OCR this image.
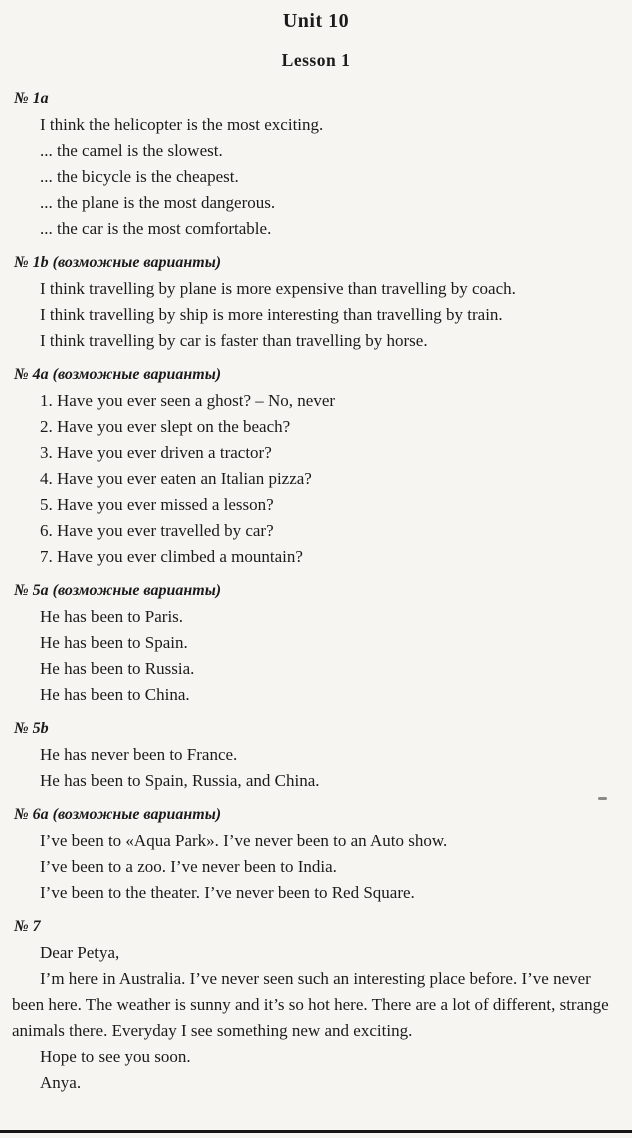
Unit 10
Lesson 1
№ 1a
I think the helicopter is the most exciting.
... the camel is the slowest.
... the bicycle is the cheapest.
... the plane is the most dangerous.
... the car is the most comfortable.
№ 1b (возможные варианты)
I think travelling by plane is more expensive than travelling by coach.
I think travelling by ship is more interesting than travelling by train.
I think travelling by car is faster than travelling by horse.
№ 4a (возможные варианты)
1. Have you ever seen a ghost? – No, never
2. Have you ever slept on the beach?
3. Have you ever driven a tractor?
4. Have you ever eaten an Italian pizza?
5. Have you ever missed a lesson?
6. Have you ever travelled by car?
7. Have you ever climbed a mountain?
№ 5a (возможные варианты)
He has been to Paris.
He has been to Spain.
He has been to Russia.
He has been to China.
№ 5b
He has never been to France.
He has been to Spain, Russia, and China.
№ 6a (возможные варианты)
I’ve been to «Aqua Park». I’ve never been to an Auto show.
I’ve been to a zoo. I’ve never been to India.
I’ve been to the theater. I’ve never been to Red Square.
№ 7
Dear Petya,
I’m here in Australia. I’ve never seen such an interesting place before. I’ve never been here. The weather is sunny and it’s so hot here. There are a lot of different, strange animals there. Everyday I see something new and exciting.
Hope to see you soon.
Anya.
